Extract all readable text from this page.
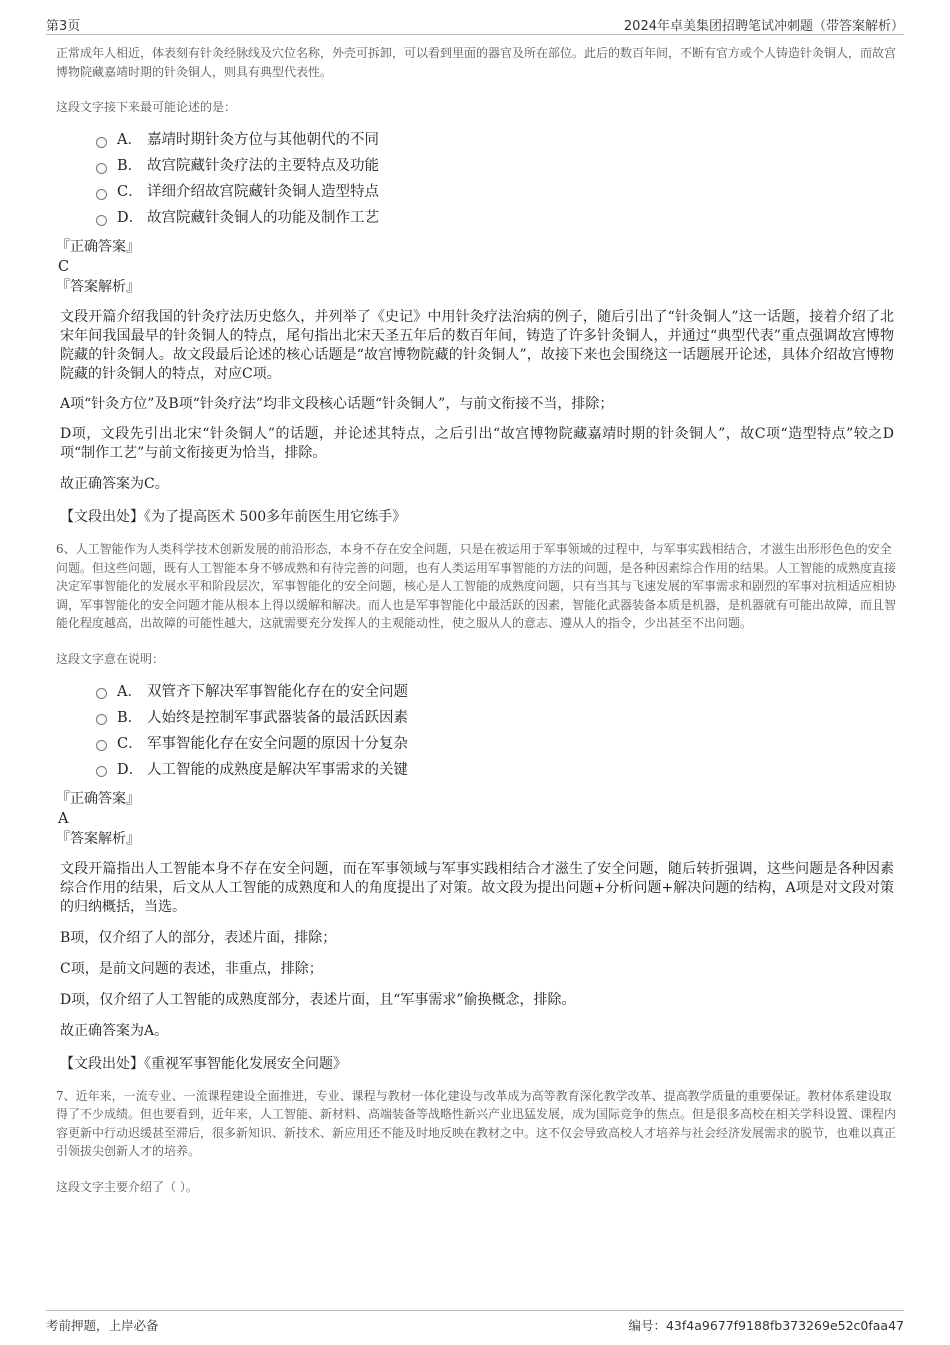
第3页	2024年卓美集团招聘笔试冲刺题（带答案解析）

正常成年人相近，体表刻有针灸经脉线及穴位名称，外壳可拆卸，可以看到里面的器官及所在部位。此后的数百年间，不断有官方或个人铸造针灸铜人，而故宫博物院藏嘉靖时期的针灸铜人，则具有典型代表性。

这段文字接下来最可能论述的是：

A． 嘉靖时期针灸方位与其他朝代的不同
B． 故宫院藏针灸疗法的主要特点及功能
C． 详细介绍故宫院藏针灸铜人造型特点
D． 故宫院藏针灸铜人的功能及制作工艺

『正确答案』

C

『答案解析』

文段开篇介绍我国的针灸疗法历史悠久，并列举了《史记》中用针灸疗法治病的例子，随后引出了“针灸铜人”这一话题，接着介绍了北宋年间我国最早的针灸铜人的特点，尾句指出北宋天圣五年后的数百年间，铸造了许多针灸铜人，并通过“典型代表”重点强调故宫博物院藏的针灸铜人。故文段最后论述的核心话题是“故宫博物院藏的针灸铜人”，故接下来也会围绕这一话题展开论述，具体介绍故宫博物院藏的针灸铜人的特点，对应C项。

A项“针灸方位”及B项“针灸疗法”均非文段核心话题“针灸铜人”，与前文衔接不当，排除；

D项，文段先引出北宋“针灸铜人”的话题，并论述其特点，之后引出“故宫博物院藏嘉靖时期的针灸铜人”，故C项“造型特点”较之D项“制作工艺”与前文衔接更为恰当，排除。

故正确答案为C。

【文段出处】《为了提高医术 500多年前医生用它练手》

6、人工智能作为人类科学技术创新发展的前沿形态，本身不存在安全问题，只是在被运用于军事领域的过程中，与军事实践相结合，才滋生出形形色色的安全问题。但这些问题，既有人工智能本身不够成熟和有待完善的问题，也有人类运用军事智能的方法的问题，是各种因素综合作用的结果。人工智能的成熟度直接决定军事智能化的发展水平和阶段层次，军事智能化的安全问题，核心是人工智能的成熟度问题，只有当其与飞速发展的军事需求和剧烈的军事对抗相适应相协调，军事智能化的安全问题才能从根本上得以缓解和解决。而人也是军事智能化中最活跃的因素，智能化武器装备本质是机器，是机器就有可能出故障，而且智能化程度越高，出故障的可能性越大，这就需要充分发挥人的主观能动性，使之服从人的意志、遵从人的指令，少出甚至不出问题。

这段文字意在说明：

A． 双管齐下解决军事智能化存在的安全问题
B． 人始终是控制军事武器装备的最活跃因素
C． 军事智能化存在安全问题的原因十分复杂
D． 人工智能的成熟度是解决军事需求的关键

『正确答案』

A

『答案解析』

文段开篇指出人工智能本身不存在安全问题，而在军事领域与军事实践相结合才滋生了安全问题，随后转折强调，这些问题是各种因素综合作用的结果，后文从人工智能的成熟度和人的角度提出了对策。故文段为提出问题+分析问题+解决问题的结构，A项是对文段对策的归纳概括，当选。

B项，仅介绍了人的部分，表述片面，排除；

C项，是前文问题的表述，非重点，排除；

D项，仅介绍了人工智能的成熟度部分，表述片面，且“军事需求”偷换概念，排除。

故正确答案为A。

【文段出处】《重视军事智能化发展安全问题》

7、近年来，一流专业、一流课程建设全面推进，专业、课程与教材一体化建设与改革成为高等教育深化教学改革、提高教学质量的重要保证。教材体系建设取得了不少成绩。但也要看到，近年来，人工智能、新材料、高端装备等战略性新兴产业迅猛发展，成为国际竞争的焦点。但是很多高校在相关学科设置、课程内容更新中行动迟缓甚至滞后，很多新知识、新技术、新应用还不能及时地反映在教材之中。这不仅会导致高校人才培养与社会经济发展需求的脱节，也难以真正引领拔尖创新人才的培养。

这段文字主要介绍了（ ）。

考前押题，上岸必备	编号：43f4a9677f9188fb373269e52c0faa47
